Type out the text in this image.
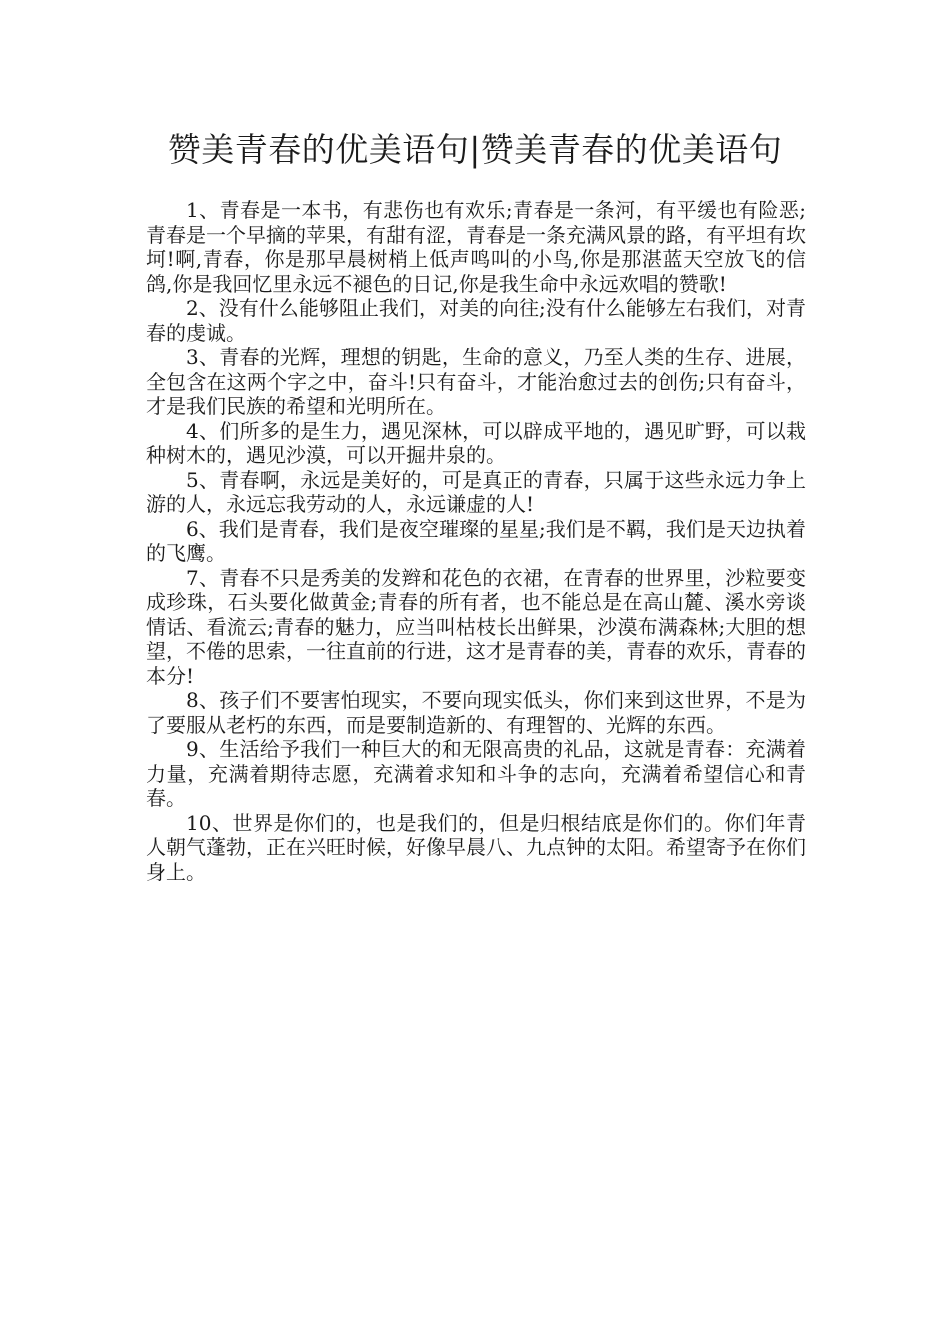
赞美青春的优美语句|赞美青春的优美语句

1、青春是一本书，有悲伤也有欢乐;青春是一条河，有平缓也有险恶;青春是一个早摘的苹果，有甜有涩，青春是一条充满风景的路，有平坦有坎坷!啊,青春，你是那早晨树梢上低声鸣叫的小鸟,你是那湛蓝天空放飞的信鸽,你是我回忆里永远不褪色的日记,你是我生命中永远欢唱的赞歌!

2、没有什么能够阻止我们，对美的向往;没有什么能够左右我们，对青春的虔诚。

3、青春的光辉，理想的钥匙，生命的意义，乃至人类的生存、进展，全包含在这两个字之中，奋斗!只有奋斗，才能治愈过去的创伤;只有奋斗，才是我们民族的希望和光明所在。

4、们所多的是生力，遇见深林，可以辟成平地的，遇见旷野，可以栽种树木的，遇见沙漠，可以开掘井泉的。

5、青春啊，永远是美好的，可是真正的青春，只属于这些永远力争上游的人，永远忘我劳动的人，永远谦虚的人!

6、我们是青春，我们是夜空璀璨的星星;我们是不羁，我们是天边执着的飞鹰。

7、青春不只是秀美的发辫和花色的衣裙，在青春的世界里，沙粒要变成珍珠，石头要化做黄金;青春的所有者，也不能总是在高山麓、溪水旁谈情话、看流云;青春的魅力，应当叫枯枝长出鲜果，沙漠布满森林;大胆的想望，不倦的思索，一往直前的行进，这才是青春的美，青春的欢乐，青春的本分!

8、孩子们不要害怕现实，不要向现实低头，你们来到这世界，不是为了要服从老朽的东西，而是要制造新的、有理智的、光辉的东西。

9、生活给予我们一种巨大的和无限高贵的礼品，这就是青春：充满着力量，充满着期待志愿，充满着求知和斗争的志向，充满着希望信心和青春。

10、世界是你们的，也是我们的，但是归根结底是你们的。你们年青人朝气蓬勃，正在兴旺时候，好像早晨八、九点钟的太阳。希望寄予在你们身上。
